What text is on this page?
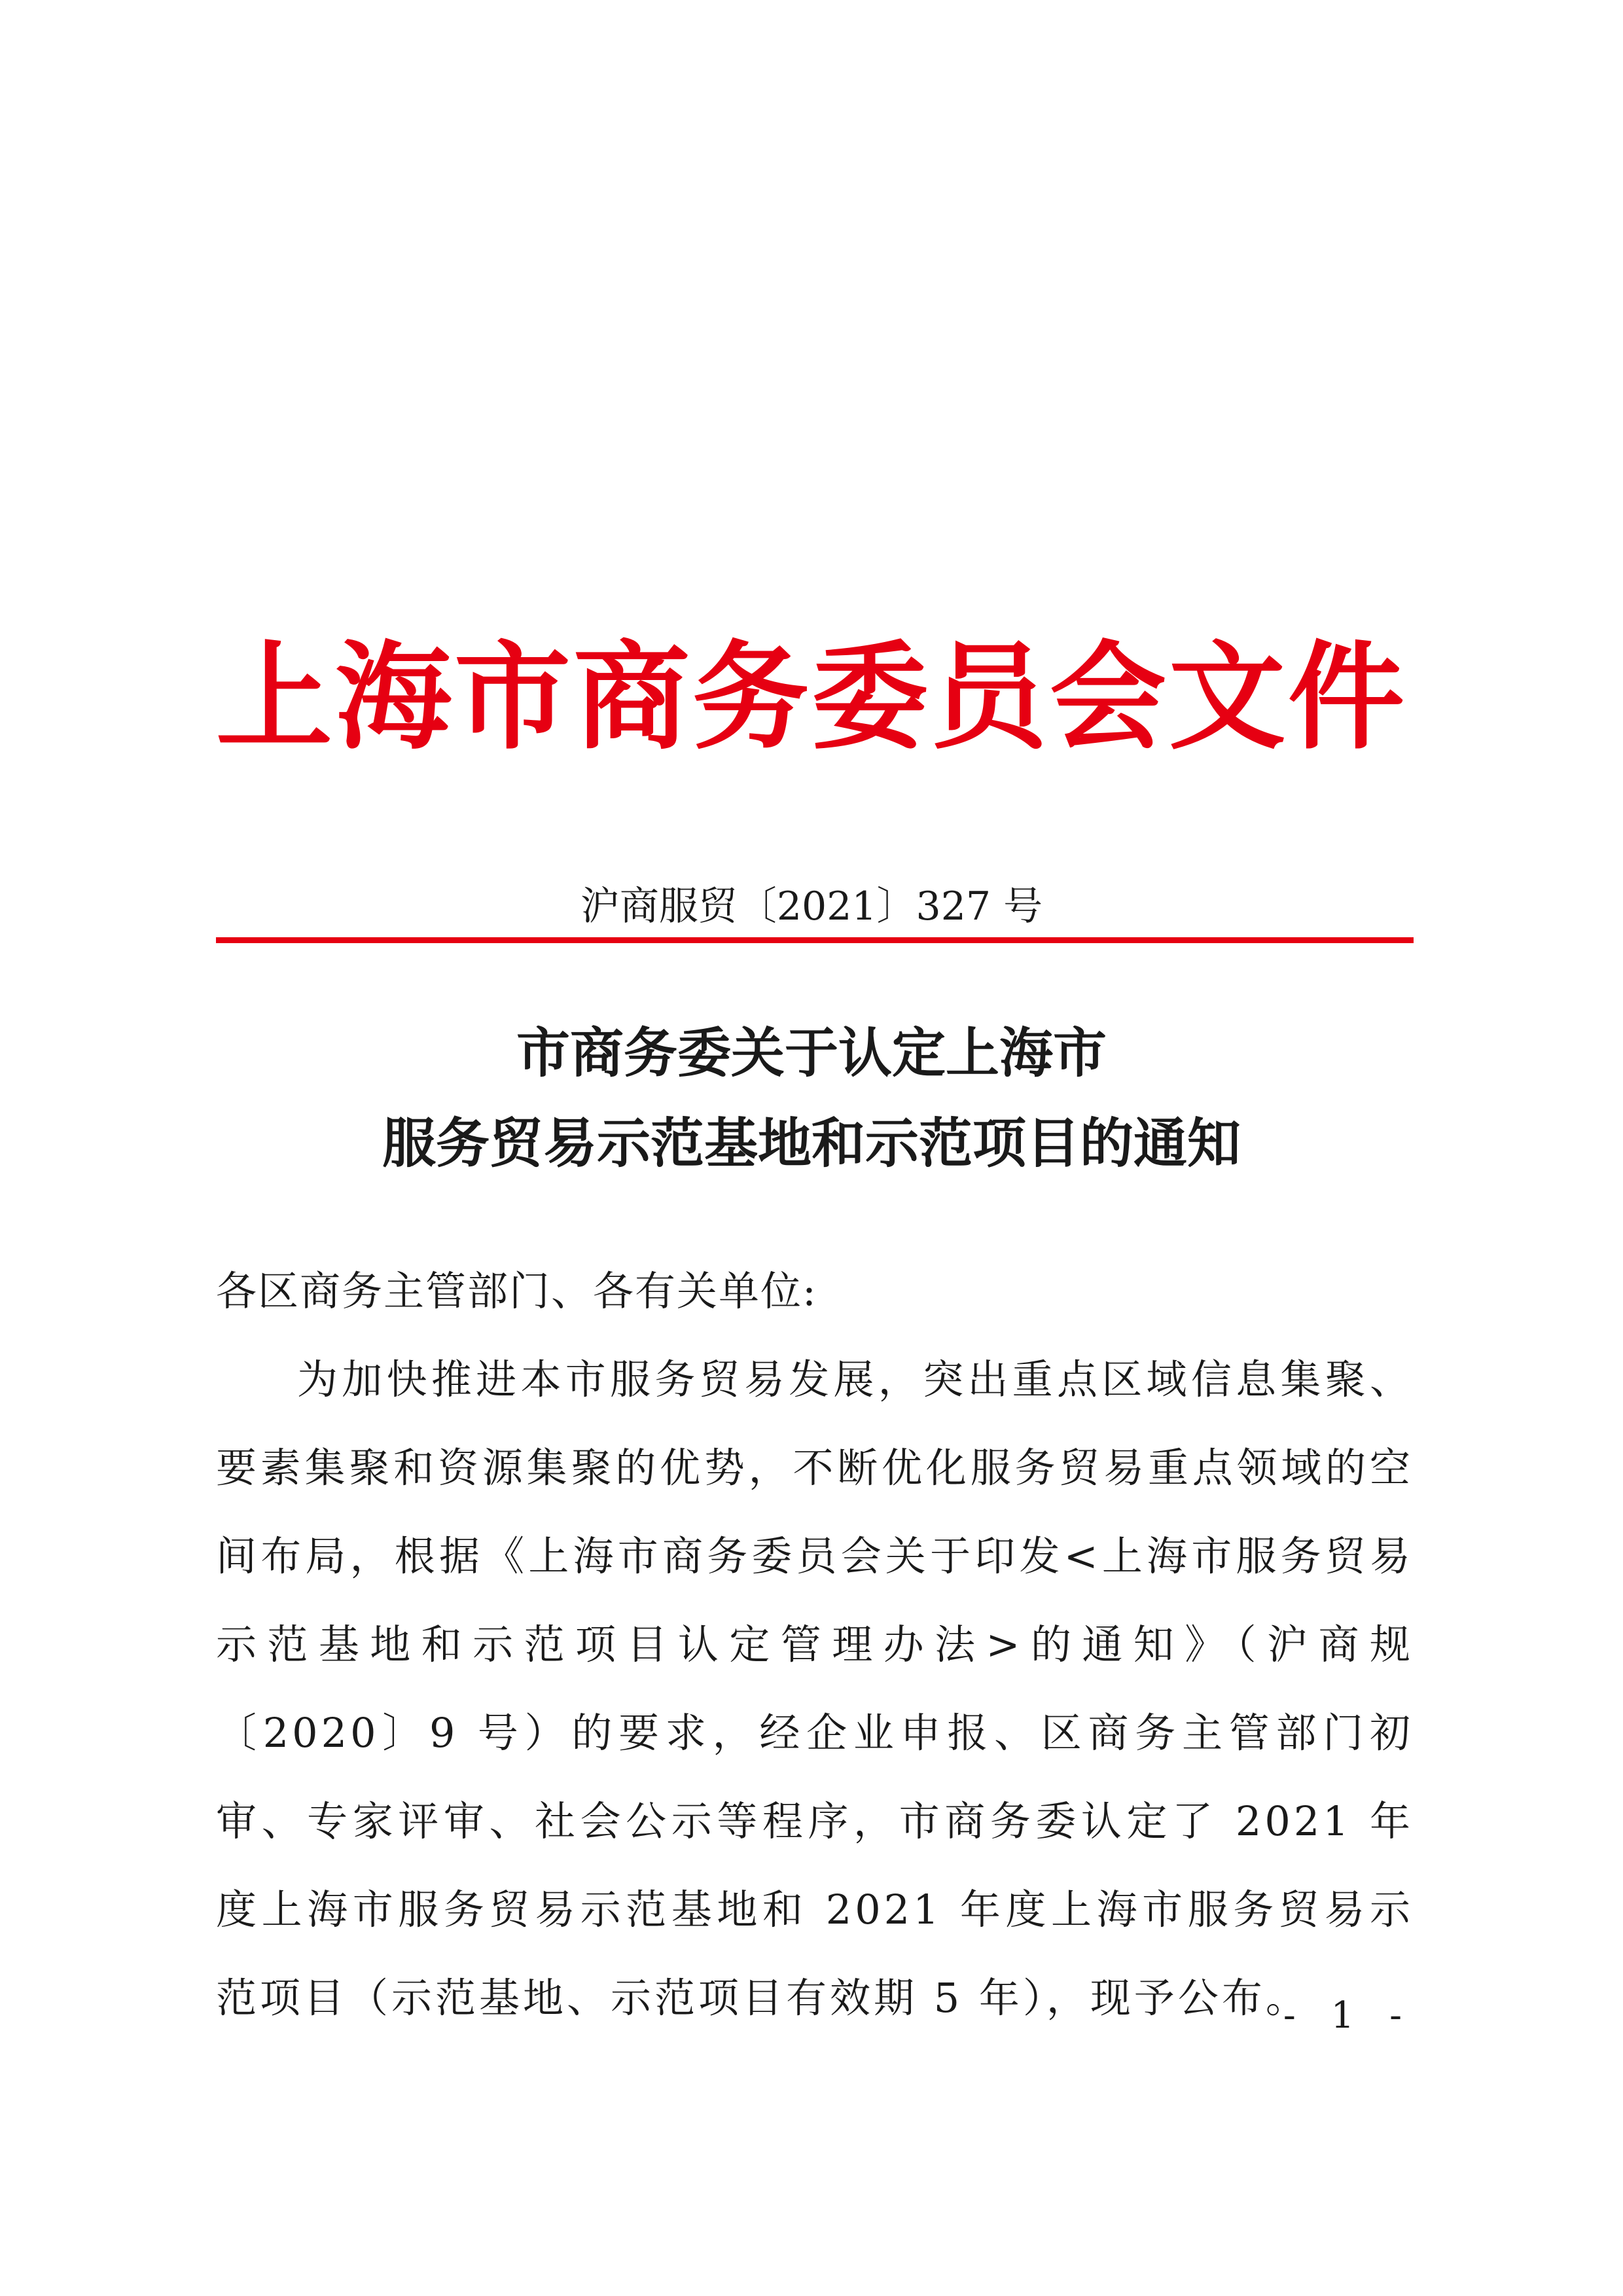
上海市商务委员会文件
沪商服贸〔2021〕327 号
市商务委关于认定上海市
服务贸易示范基地和示范项目的通知
各区商务主管部门、各有关单位:
为加快推进本市服务贸易发展，突出重点区域信息集聚、要素集聚和资源集聚的优势，不断优化服务贸易重点领域的空间布局，根据《上海市商务委员会关于印发<上海市服务贸易示范基地和示范项目认定管理办法>的通知》（沪商规〔2020〕9 号）的要求，经企业申报、区商务主管部门初审、专家评审、社会公示等程序，市商务委认定了 2021 年度上海市服务贸易示范基地和 2021 年度上海市服务贸易示范项目（示范基地、示范项目有效期 5 年），现予公布。
- 1 -
